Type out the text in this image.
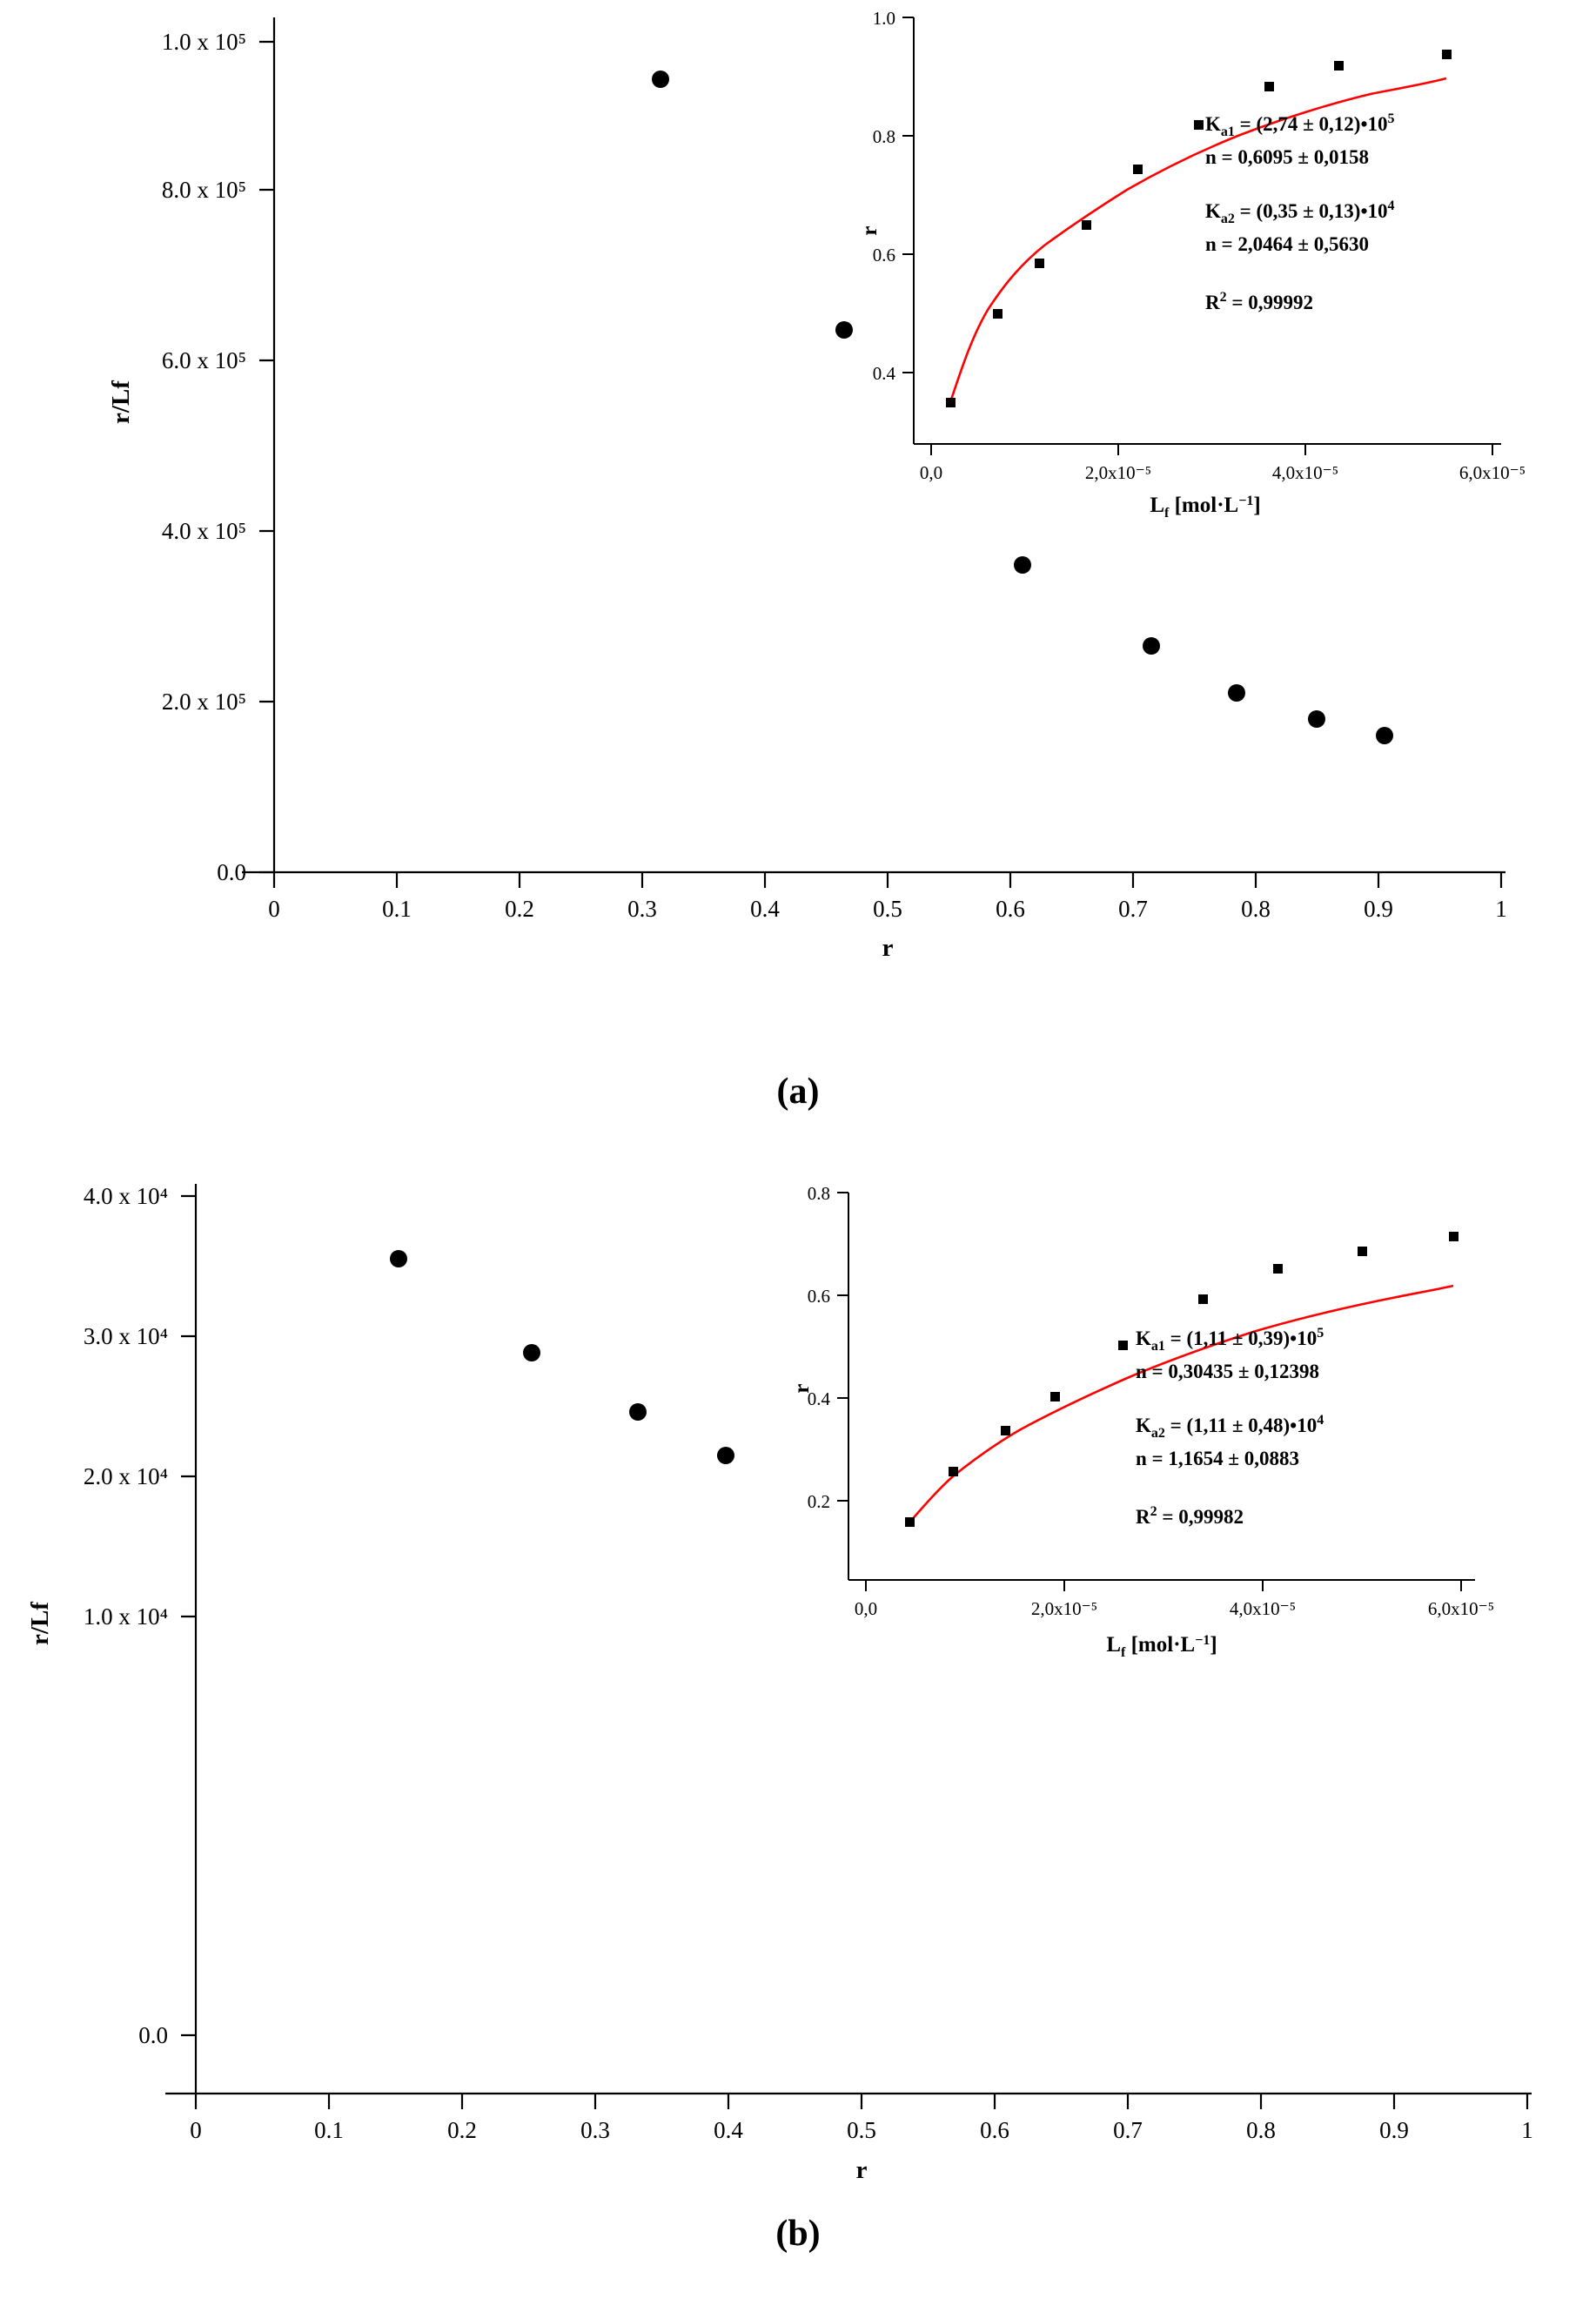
0.0
2.0 x 10⁵
4.0 x 10⁵
6.0 x 10⁵
8.0 x 10⁵
1.0 x 10⁵
0	0.1	0.2	0.3	0.4	0.5	0.6	0.7	0.8	0.9	1
r
r/Lf
1.0
0.8
0.6
0.4
0,0	2,0x10⁻⁵	4,0x10⁻⁵	6,0x10⁻⁵
$L_f$ $[mol\cdot L^{-1}]$
r
$K_{a1} = (2,74$ ± $0,12)•10^5$
n = 0,6095 ± 0,0158
$K_{a2} = (0,35$ ± $0,13)•10^4$
n = 2,0464 ± 0,5630
$R^2 = 0,99992$
(a)
4.0 x 10⁴
3.0 x 10⁴
2.0 x 10⁴
1.0 x 10⁴
0.0
0	0.1	0.2	0.3	0.4	0.5	0.6	0.7	0.8	0.9	1
r
r/Lf
0.8
0.6
0.4
0.2
0,0	2,0x10⁻⁵	4,0x10⁻⁵	6,0x10⁻⁵
$L_f$ $[mol\cdot L^{-1}]$
r
$K_{a1} = (1,11$ ± $0,39)•10^5$
n = 0,30435 ± 0,12398
$K_{a2} = (1,11$ ± $0,48)•10^4$
n = 1,1654 ± 0,0883
$R^2 = 0,99982$
(b)
